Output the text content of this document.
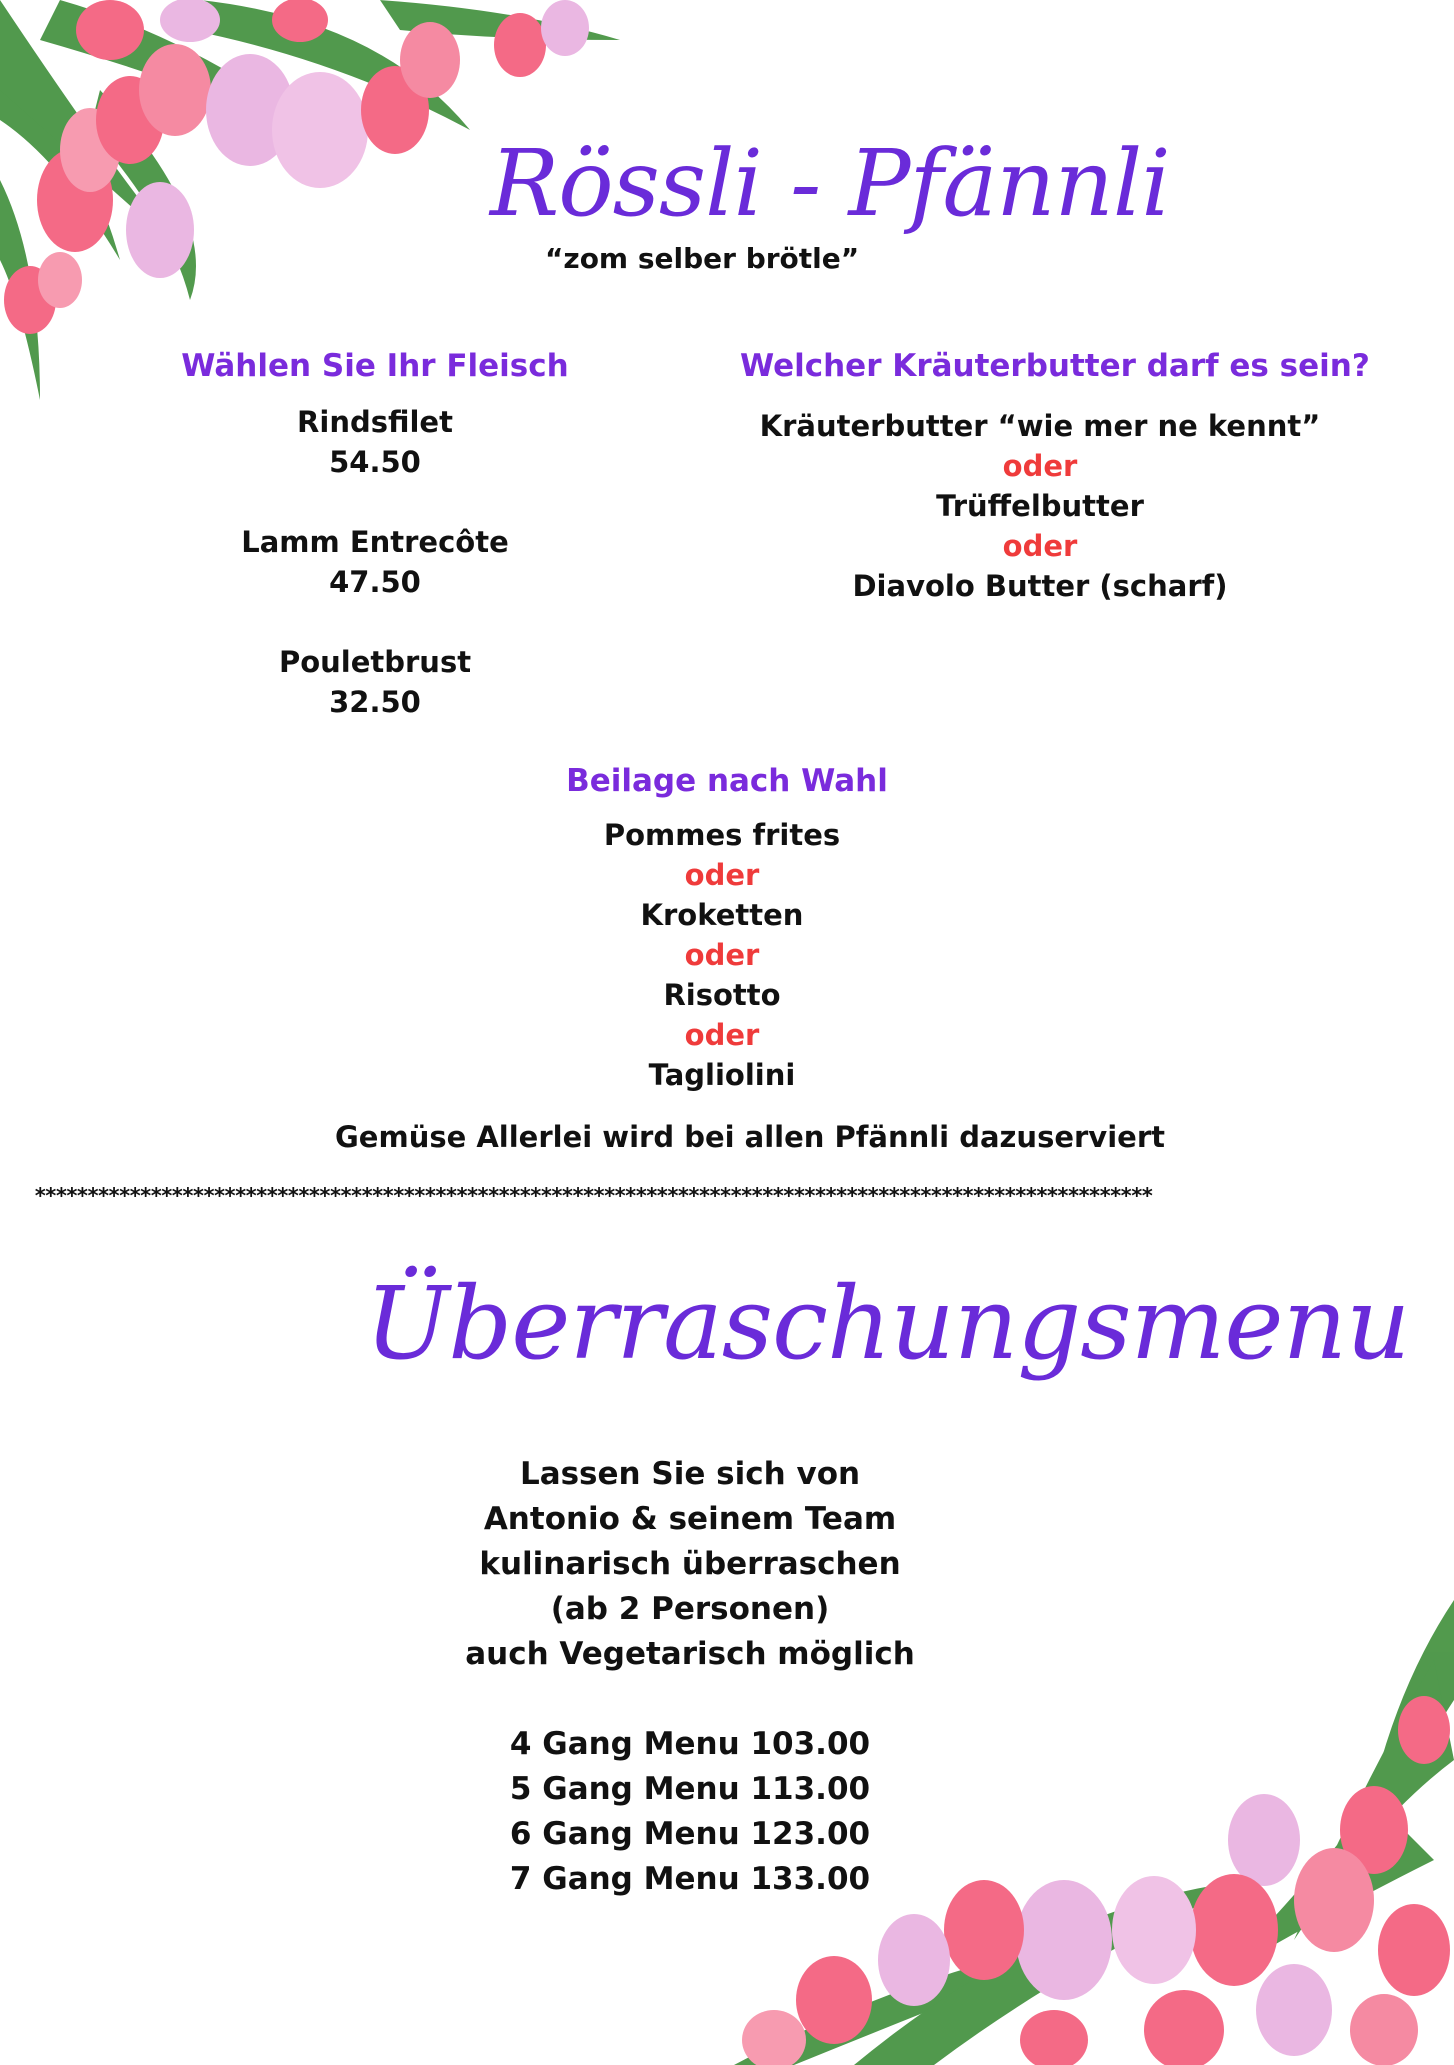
Rössli - Pfännli
“zom selber brötle”
Wählen Sie Ihr Fleisch
Rindsfilet
54.50
Lamm Entrecôte
47.50
Pouletbrust
32.50
Welcher Kräuterbutter darf es sein?
Kräuterbutter “wie mer ne kennt”
oder
Trüffelbutter
oder
Diavolo Butter (scharf)
Beilage nach Wahl
Pommes frites
oder
Kroketten
oder
Risotto
oder
Tagliolini
Gemüse Allerlei wird bei allen Pfännli dazuserviert
**********************************************************************************************************
Überraschungsmenu
Lassen Sie sich von
Antonio & seinem Team
kulinarisch überraschen
(ab 2 Personen)
auch Vegetarisch möglich
4 Gang Menu 103.00
5 Gang Menu 113.00
6 Gang Menu 123.00
7 Gang Menu 133.00
